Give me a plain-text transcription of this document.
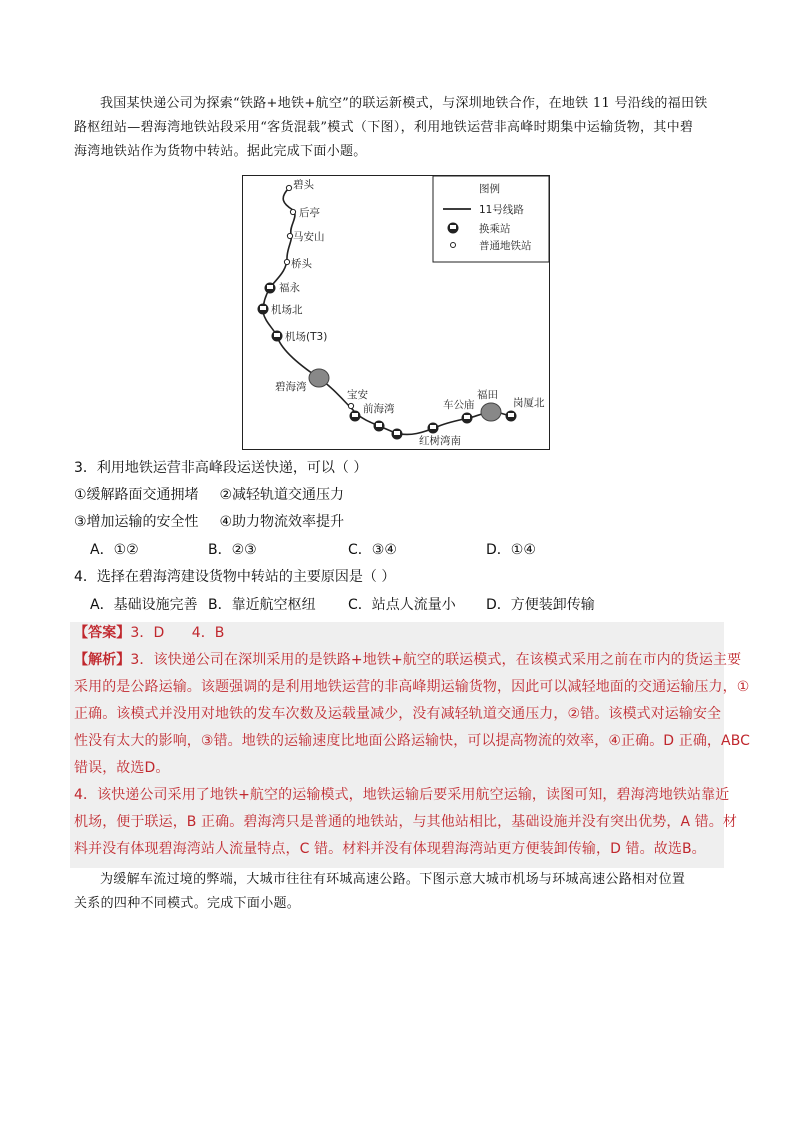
我国某快递公司为探索“铁路+地铁+航空”的联运新模式，与深圳地铁合作，在地铁 11 号沿线的福田铁
路枢纽站—碧海湾地铁站段采用“客货混载”模式（下图），利用地铁运营非高峰时期集中运输货物，其中碧
海湾地铁站作为货物中转站。据此完成下面小题。
图例
11号线路
换乘站
普通地铁站
碧头
后亭
马安山
桥头
福永
机场北
机场(T3)
碧海湾
宝安
前海湾
红树湾南
车公庙
福田
岗厦北
3．利用地铁运营非高峰段运送快递，可以（ ）
①缓解路面交通拥堵 ②减轻轨道交通压力
③增加运输的安全性 ④助力物流效率提升
A．①②	B．②③	C．③④	D．①④
4．选择在碧海湾建设货物中转站的主要原因是（ ）
A．基础设施完善 B．靠近航空枢纽 C．站点人流量小 D．方便装卸传输
【答案】3．D      4．B
【解析】3．该快递公司在深圳采用的是铁路+地铁+航空的联运模式，在该模式采用之前在市内的货运主要
采用的是公路运输。该题强调的是利用地铁运营的非高峰期运输货物，因此可以减轻地面的交通运输压力，①
正确。该模式并没用对地铁的发车次数及运载量减少，没有减轻轨道交通压力，②错。该模式对运输安全
性没有太大的影响，③错。地铁的运输速度比地面公路运输快，可以提高物流的效率，④正确。D 正确，ABC
错误，故选D。
4．该快递公司采用了地铁+航空的运输模式，地铁运输后要采用航空运输，读图可知，碧海湾地铁站靠近
机场，便于联运，B 正确。碧海湾只是普通的地铁站，与其他站相比，基础设施并没有突出优势，A 错。材
料并没有体现碧海湾站人流量特点，C 错。材料并没有体现碧海湾站更方便装卸传输，D 错。故选B。
为缓解车流过境的弊端，大城市往往有环城高速公路。下图示意大城市机场与环城高速公路相对位置
关系的四种不同模式。完成下面小题。
